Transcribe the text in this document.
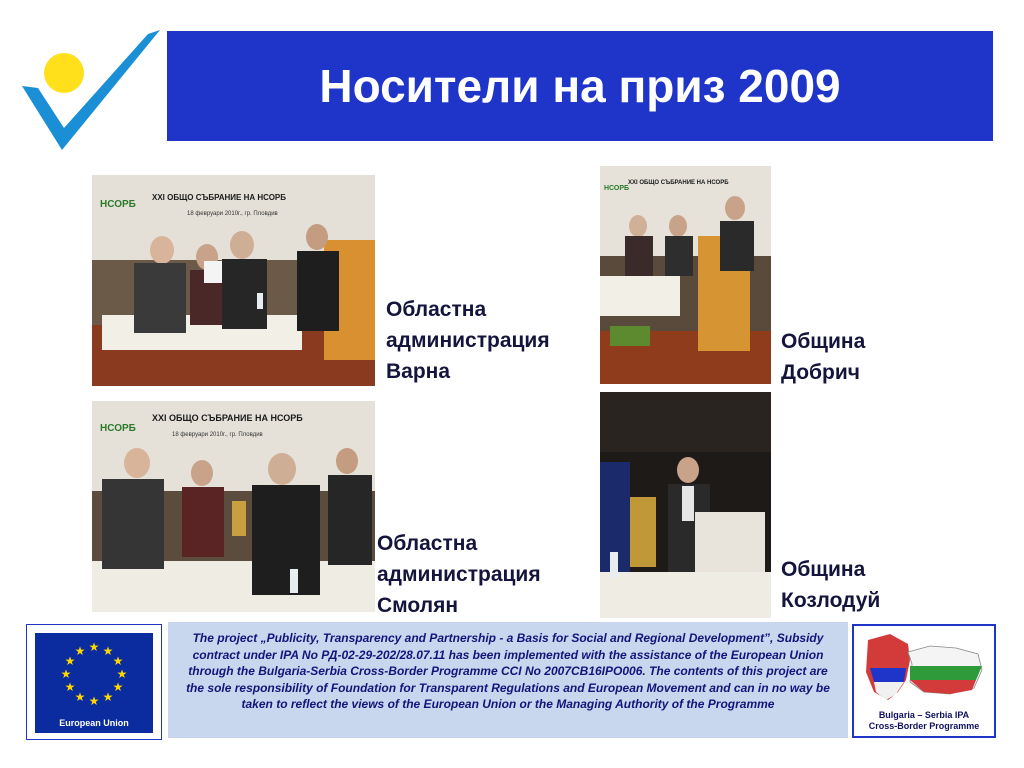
Носители на приз 2009
XXI ОБЩО СЪБРАНИЕ НА НСОРБ
18 февруари 2010г., гр. Пловдив
НСОРБ
Областна
администрация
Варна
XXI ОБЩО СЪБРАНИЕ НА НСОРБ
НСОРБ
Община
Добрич
XXI ОБЩО СЪБРАНИЕ НА НСОРБ
18 февруари 2010г., гр. Пловдив
НСОРБ
Областна
администрация
Смолян
Община
Козлодуй
★ ★
★
★
★
★
★
★
★
★
★
★
European Union

The project „Publicity, Transparency and Partnership - a Basis for Social and Regional Development”, Subsidy contract under IPA No РД-02-29-202/28.07.11 has been implemented with the assistance of the European Union through the Bulgaria-Serbia Cross-Border Programme CCI No 2007CB16IPO006. The contents of this project are the sole responsibility of Foundation for Transparent Regulations and European Movement and can in no way be taken to reflect the views of the European Union or the Managing Authority of the Programme

Bulgaria – Serbia IPA
Cross-Border Programme
